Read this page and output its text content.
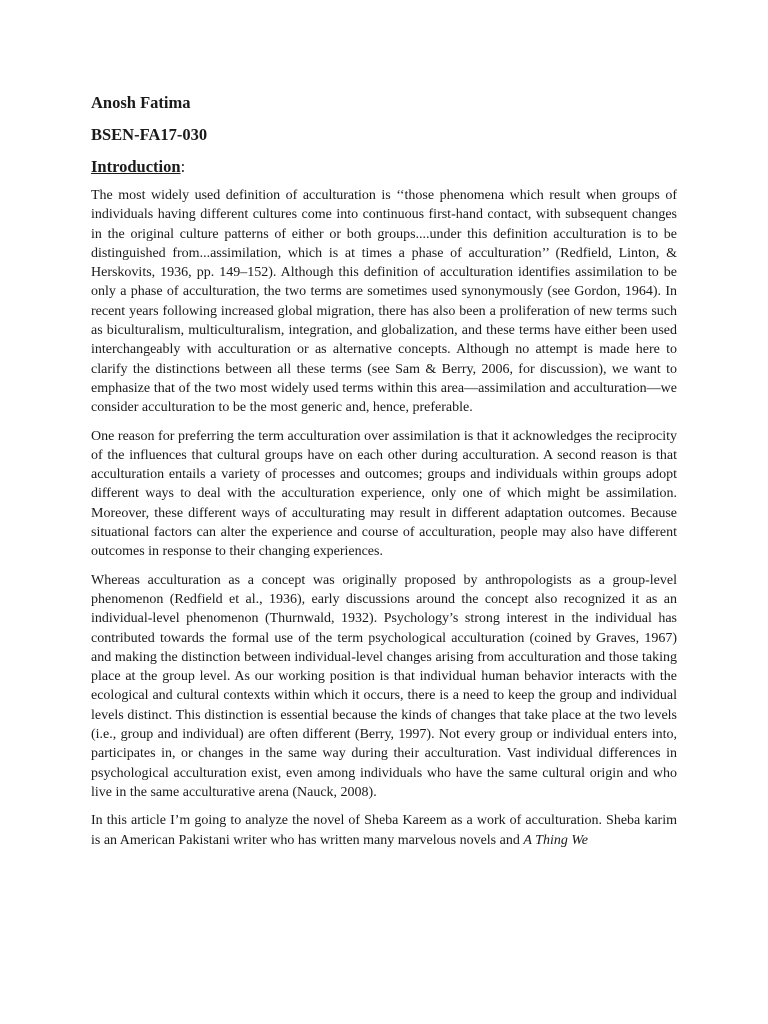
Anosh Fatima
BSEN-FA17-030
Introduction:

The most widely used definition of acculturation is ‘‘those phenomena which result when groups of individuals having different cultures come into continuous first-hand contact, with subsequent changes in the original culture patterns of either or both groups....under this definition acculturation is to be distinguished from...assimilation, which is at times a phase of acculturation’’ (Redfield, Linton, & Herskovits, 1936, pp. 149–152). Although this definition of acculturation identifies assimilation to be only a phase of acculturation, the two terms are sometimes used synonymously (see Gordon, 1964). In recent years following increased global migration, there has also been a proliferation of new terms such as biculturalism, multiculturalism, integration, and globalization, and these terms have either been used interchangeably with acculturation or as alternative concepts. Although no attempt is made here to clarify the distinctions between all these terms (see Sam & Berry, 2006, for discussion), we want to emphasize that of the two most widely used terms within this area—assimilation and acculturation—we consider acculturation to be the most generic and, hence, preferable.

One reason for preferring the term acculturation over assimilation is that it acknowledges the reciprocity of the influences that cultural groups have on each other during acculturation. A second reason is that acculturation entails a variety of processes and outcomes; groups and individuals within groups adopt different ways to deal with the acculturation experience, only one of which might be assimilation. Moreover, these different ways of acculturating may result in different adaptation outcomes. Because situational factors can alter the experience and course of acculturation, people may also have different outcomes in response to their changing experiences.

Whereas acculturation as a concept was originally proposed by anthropologists as a group-level phenomenon (Redfield et al., 1936), early discussions around the concept also recognized it as an individual-level phenomenon (Thurnwald, 1932). Psychology’s strong interest in the individual has contributed towards the formal use of the term psychological acculturation (coined by Graves, 1967) and making the distinction between individual-level changes arising from acculturation and those taking place at the group level. As our working position is that individual human behavior interacts with the ecological and cultural contexts within which it occurs, there is a need to keep the group and individual levels distinct. This distinction is essential because the kinds of changes that take place at the two levels (i.e., group and individual) are often different (Berry, 1997). Not every group or individual enters into, participates in, or changes in the same way during their acculturation. Vast individual differences in psychological acculturation exist, even among individuals who have the same cultural origin and who live in the same acculturative arena (Nauck, 2008).

In this article I’m going to analyze the novel of Sheba Kareem as a work of acculturation. Sheba karim is an American Pakistani writer who has written many marvelous novels and A Thing We
